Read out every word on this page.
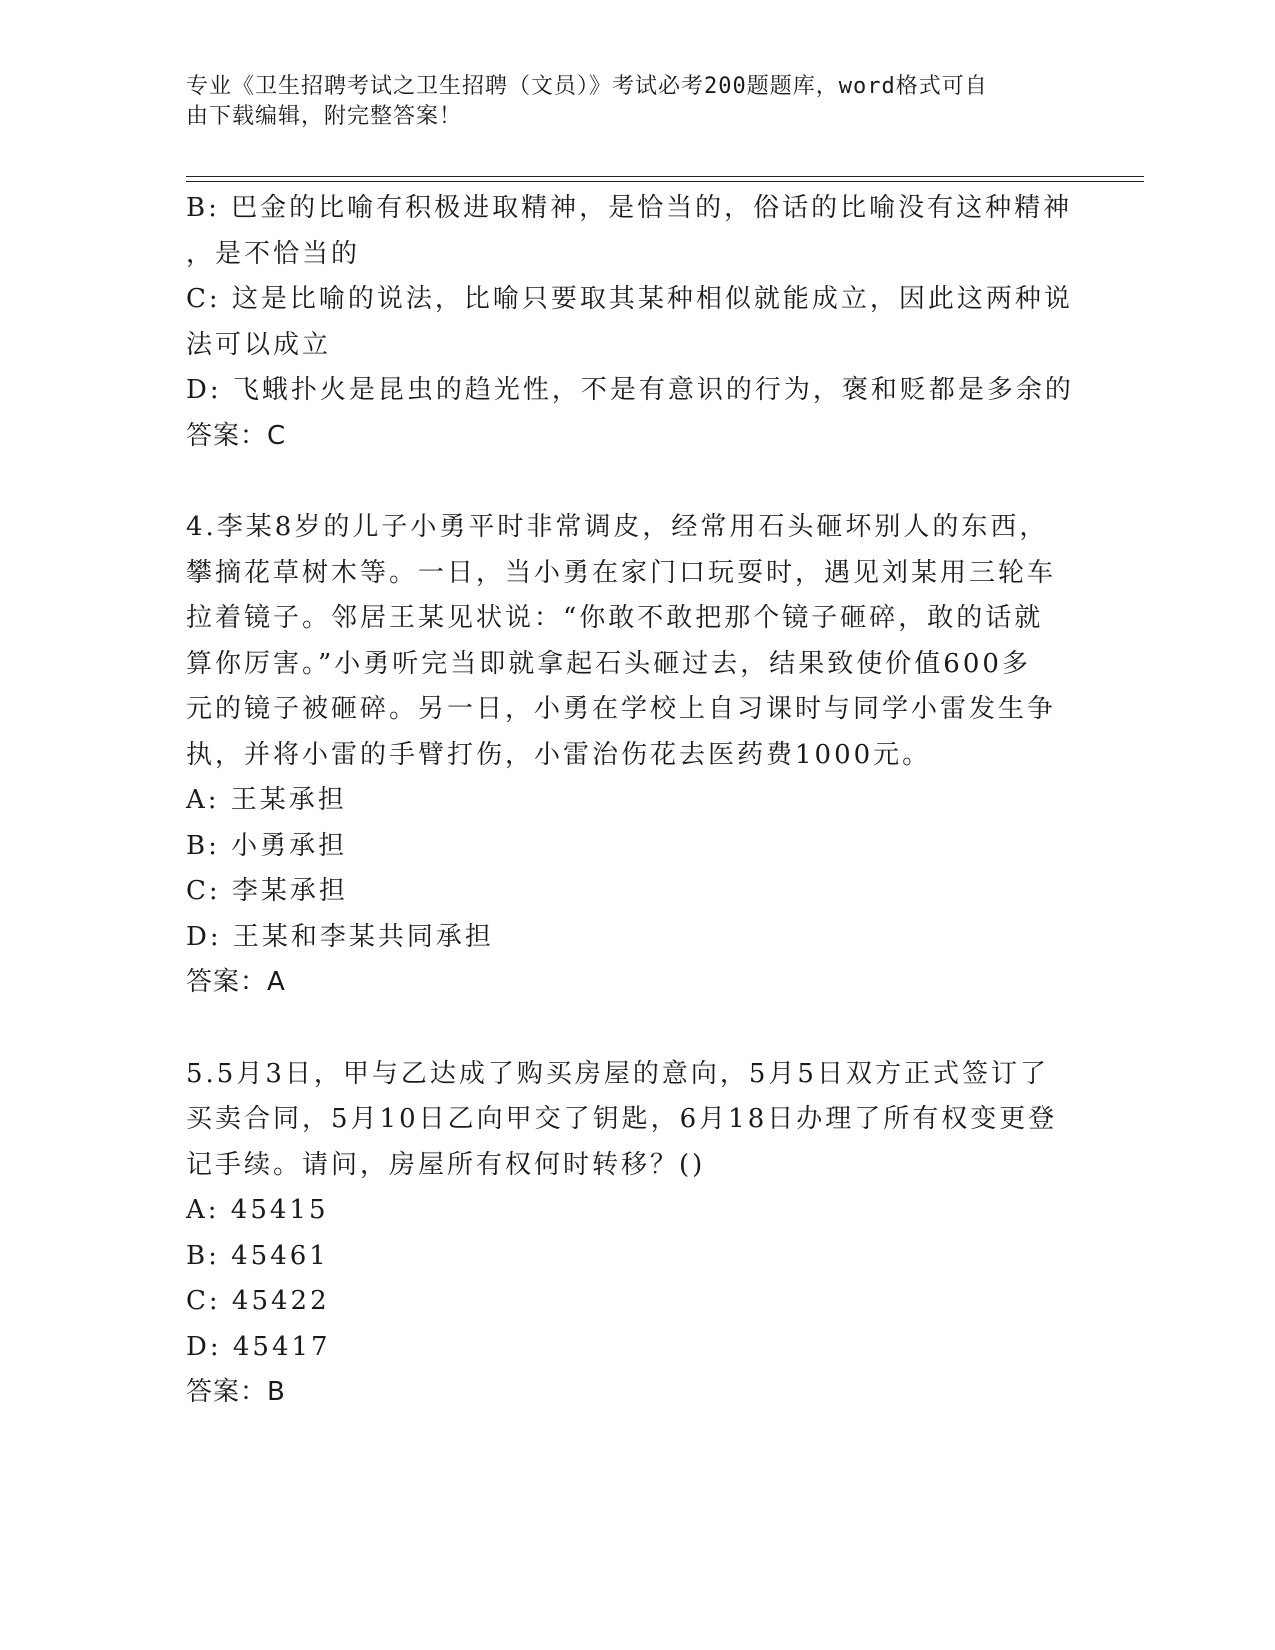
专业《卫生招聘考试之卫生招聘（文员）》考试必考200题题库，word格式可自
由下载编辑，附完整答案！
B: 巴金的比喻有积极进取精神，是恰当的，俗话的比喻没有这种精神
，是不恰当的
C: 这是比喻的说法，比喻只要取其某种相似就能成立，因此这两种说
法可以成立
D: 飞蛾扑火是昆虫的趋光性，不是有意识的行为，褒和贬都是多余的
答案：C
4.李某8岁的儿子小勇平时非常调皮，经常用石头砸坏别人的东西，
攀摘花草树木等。一日，当小勇在家门口玩耍时，遇见刘某用三轮车
拉着镜子。邻居王某见状说：“你敢不敢把那个镜子砸碎，敢的话就
算你厉害。”小勇听完当即就拿起石头砸过去，结果致使价值600多
元的镜子被砸碎。另一日，小勇在学校上自习课时与同学小雷发生争
执，并将小雷的手臂打伤，小雷治伤花去医药费1000元。
A: 王某承担
B: 小勇承担
C: 李某承担
D: 王某和李某共同承担
答案：A
5.5月3日，甲与乙达成了购买房屋的意向，5月5日双方正式签订了
买卖合同，5月10日乙向甲交了钥匙，6月18日办理了所有权变更登
记手续。请问，房屋所有权何时转移？()
A: 45415
B: 45461
C: 45422
D: 45417
答案：B
